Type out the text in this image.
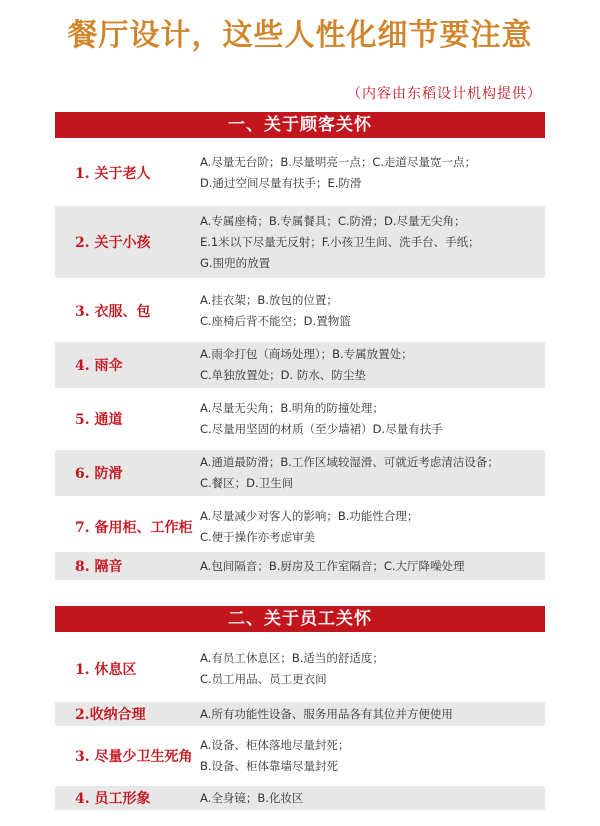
餐厅设计，这些人性化细节要注意
（内容由东稻设计机构提供）
一、关于顾客关怀
1. 关于老人
A.尽量无台阶；B.尽量明亮一点；C.走道尽量宽一点；
D.通过空间尽量有扶手；E.防滑
2. 关于小孩
A.专属座椅；B.专属餐具；C.防滑；D.尽量无尖角；
E.1米以下尽量无反射；F.小孩卫生间、洗手台、手纸；
G.围兜的放置
3. 衣服、包
A.挂衣架；B.放包的位置；
C.座椅后背不能空；D.置物篮
4. 雨伞
A.雨伞打包（商场处理）；B.专属放置处；
C.单独放置处；D. 防水、防尘垫
5. 通道
A.尽量无尖角；B.明角的防撞处理；
C.尽量用坚固的材质（至少墙裙）D.尽量有扶手
6. 防滑
A.通道最防滑；B.工作区域较湿滑、可就近考虑清洁设备；
C.餐区；D.卫生间
7. 备用柜、工作柜
A.尽量减少对客人的影响；B.功能性合理；
C.便于操作亦考虑审美
8. 隔音	A.包间隔音；B.厨房及工作室隔音；C.大厅降噪处理
二、关于员工关怀
1. 休息区
A.有员工休息区；B.适当的舒适度；
C.员工用品、员工更衣间
2.收纳合理	A.所有功能性设备、服务用品各有其位并方便使用
3. 尽量少卫生死角
A.设备、柜体落地尽量封死；
B.设备、柜体靠墙尽量封死
4. 员工形象	A.全身镜；B.化妆区
